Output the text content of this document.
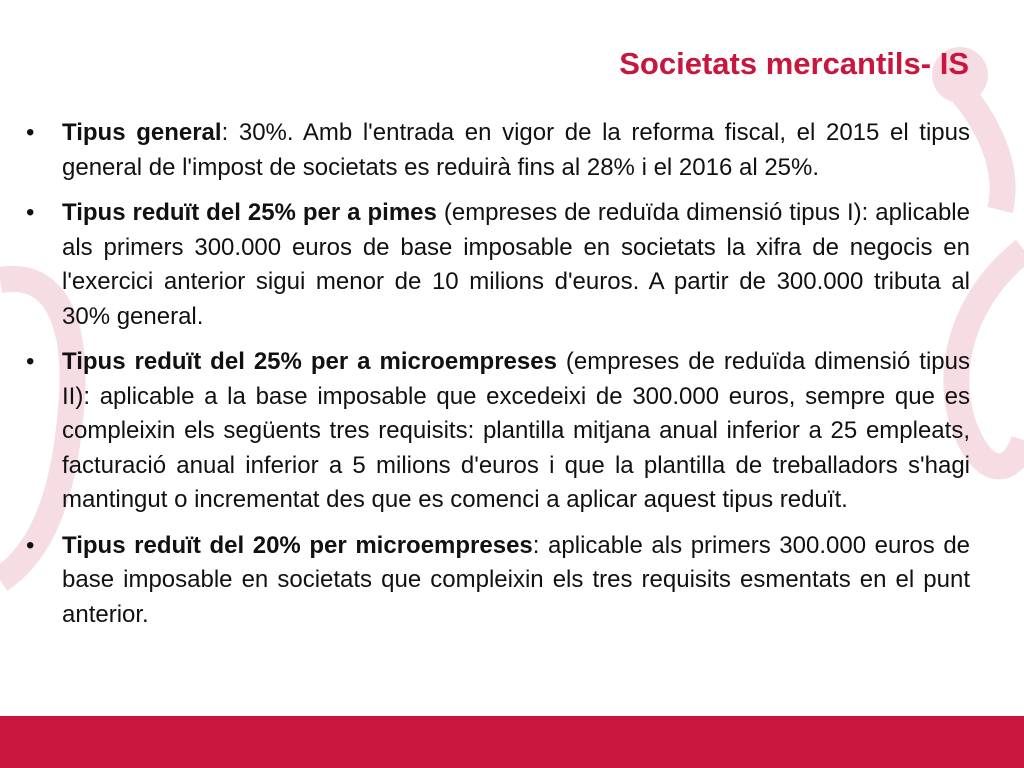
Societats mercantils- IS
• Tipus general: 30%. Amb l'entrada en vigor de la reforma fiscal, el 2015 el tipus general de l'impost de societats es reduirà fins al 28% i el 2016 al 25%.
• Tipus reduït del 25% per a pimes (empreses de reduïda dimensió tipus I): aplicable als primers 300.000 euros de base imposable en societats la xifra de negocis en l'exercici anterior sigui menor de 10 milions d'euros. A partir de 300.000 tributa al 30% general.
• Tipus reduït del 25% per a microempreses (empreses de reduïda dimensió tipus II): aplicable a la base imposable que excedeixi de 300.000 euros, sempre que es compleixin els següents tres requisits: plantilla mitjana anual inferior a 25 empleats, facturació anual inferior a 5 milions d'euros i que la plantilla de treballadors s'hagi mantingut o incrementat des que es comenci a aplicar aquest tipus reduït.
• Tipus reduït del 20% per microempreses: aplicable als primers 300.000 euros de base imposable en societats que compleixin els tres requisits esmentats en el punt anterior.
